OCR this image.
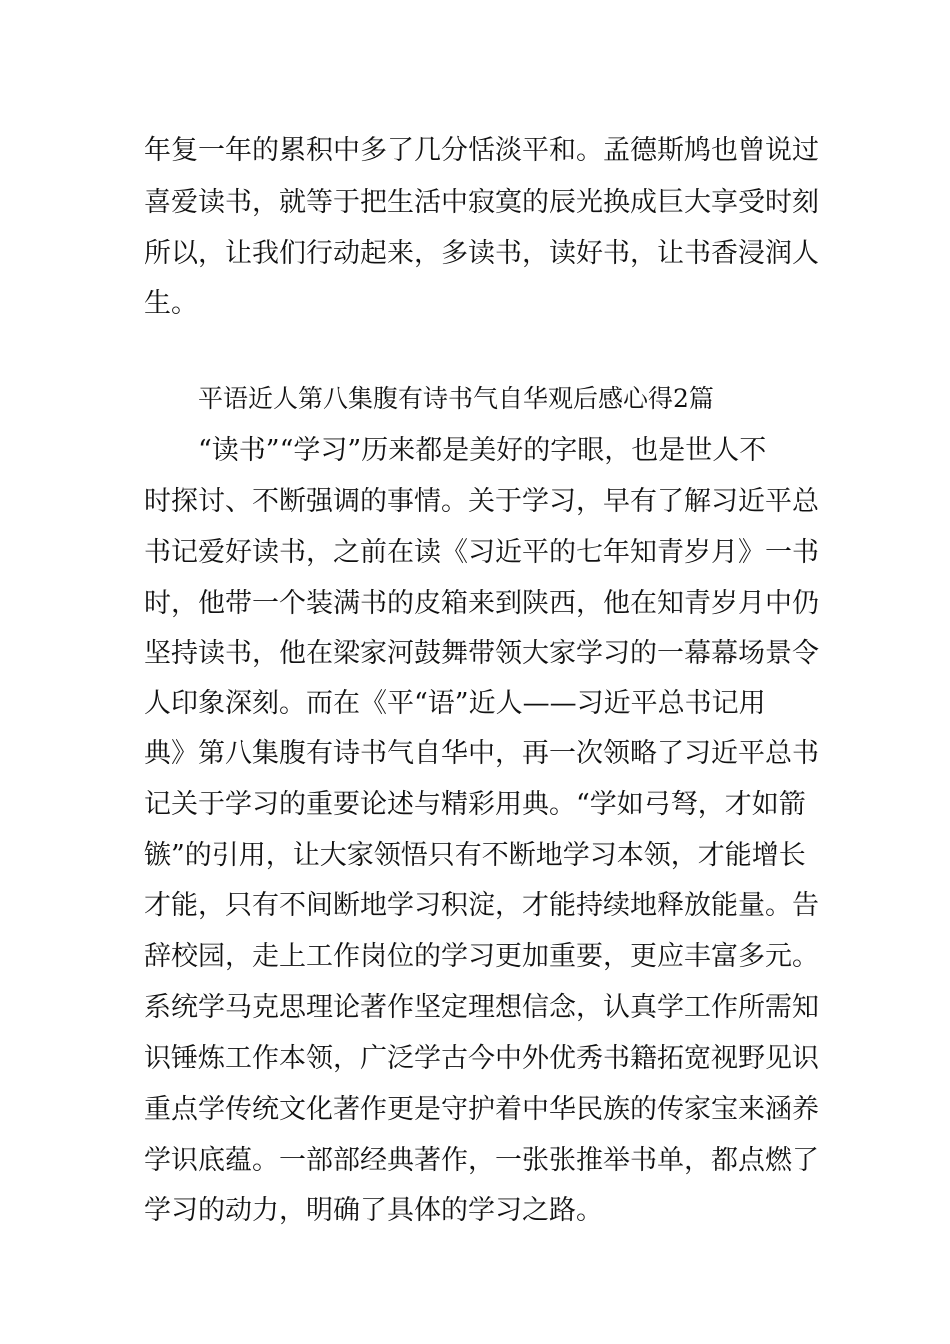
年复一年的累积中多了几分恬淡平和。孟德斯鸠也曾说过
喜爱读书，就等于把生活中寂寞的辰光换成巨大享受时刻
所以，让我们行动起来，多读书，读好书，让书香浸润人
生。
平语近人第八集腹有诗书气自华观后感心得2篇
“读书”“学习”历来都是美好的字眼，也是世人不
时探讨、不断强调的事情。关于学习，早有了解习近平总
书记爱好读书，之前在读《习近平的七年知青岁月》一书
时，他带一个装满书的皮箱来到陕西，他在知青岁月中仍
坚持读书，他在梁家河鼓舞带领大家学习的一幕幕场景令
人印象深刻。而在《平“语”近人——习近平总书记用
典》第八集腹有诗书气自华中，再一次领略了习近平总书
记关于学习的重要论述与精彩用典。“学如弓弩，才如箭
镞”的引用，让大家领悟只有不断地学习本领，才能增长
才能，只有不间断地学习积淀，才能持续地释放能量。告
辞校园，走上工作岗位的学习更加重要，更应丰富多元。
系统学马克思理论著作坚定理想信念，认真学工作所需知
识锤炼工作本领，广泛学古今中外优秀书籍拓宽视野见识
重点学传统文化著作更是守护着中华民族的传家宝来涵养
学识底蕴。一部部经典著作，一张张推举书单，都点燃了
学习的动力，明确了具体的学习之路。
